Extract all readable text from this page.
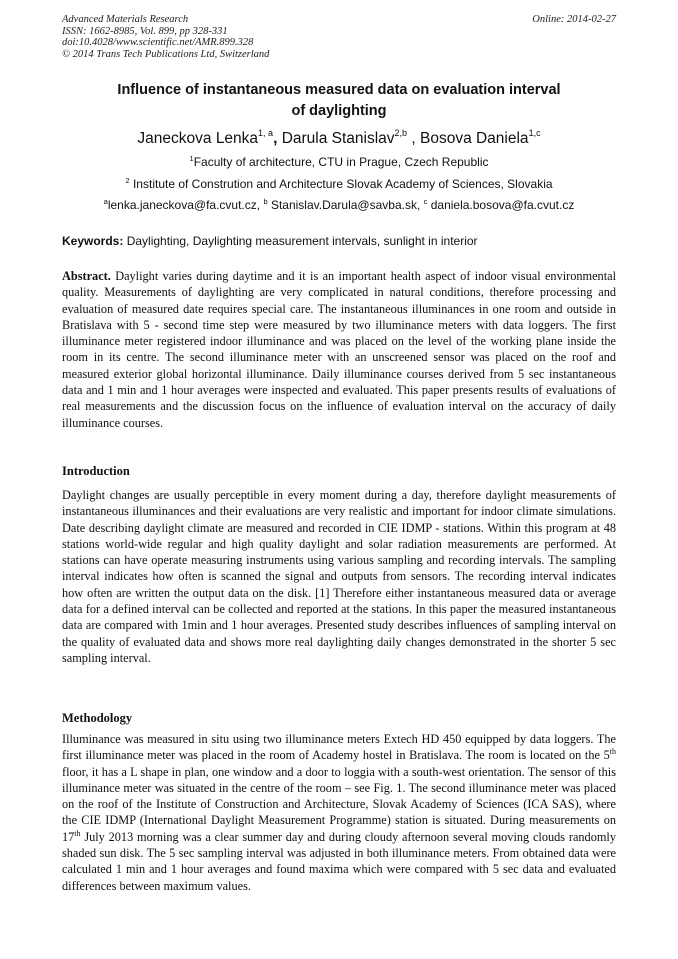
Advanced Materials Research
ISSN: 1662-8985, Vol. 899, pp 328-331
doi:10.4028/www.scientific.net/AMR.899.328
© 2014 Trans Tech Publications Ltd, Switzerland
Online: 2014-02-27
Influence of instantaneous measured data on evaluation interval
of daylighting
Janeckova Lenka$^{1, a}$, Darula Stanislav$^{2,b}$ , Bosova Daniela$^{1,c}$
$^1$Faculty of architecture, CTU in Prague, Czech Republic
$^2$ Institute of Constrution and Architecture Slovak Academy of Sciences, Slovakia
$^a$lenka.janeckova@fa.cvut.cz, $^b$ Stanislav.Darula@savba.sk, $^c$ daniela.bosova@fa.cvut.cz
Keywords: Daylighting, Daylighting measurement intervals, sunlight in interior
Abstract. Daylight varies during daytime and it is an important health aspect of indoor visual environmental quality. Measurements of daylighting are very complicated in natural conditions, therefore processing and evaluation of measured date requires special care. The instantaneous illuminances in one room and outside in Bratislava with 5 - second time step were measured by two illuminance meters with data loggers. The first illuminance meter registered indoor illuminance and was placed on the level of the working plane inside the room in its centre. The second illuminance meter with an unscreened sensor was placed on the roof and measured exterior global horizontal illuminance. Daily illuminance courses derived from 5 sec instantaneous data and 1 min and 1 hour averages were inspected and evaluated. This paper presents results of evaluations of real measurements and the discussion focus on the influence of evaluation interval on the accuracy of daily illuminance courses.
Introduction
Daylight changes are usually perceptible in every moment during a day, therefore daylight measurements of instantaneous illuminances and their evaluations are very realistic and important for indoor climate simulations. Date describing daylight climate are measured and recorded in CIE IDMP - stations. Within this program at 48 stations world-wide regular and high quality daylight and solar radiation measurements are performed. At stations can have operate measuring instruments using various sampling and recording intervals. The sampling interval indicates how often is scanned the signal and outputs from sensors. The recording interval indicates how often are written the output data on the disk. [1] Therefore either instantaneous measured data or average data for a defined interval can be collected and reported at the stations. In this paper the measured instantaneous data are compared with 1min and 1 hour averages. Presented study describes influences of sampling interval on the quality of evaluated data and shows more real daylighting daily changes demonstrated in the shorter 5 sec sampling interval.
Methodology
Illuminance was measured in situ using two illuminance meters Extech HD 450 equipped by data loggers. The first illuminance meter was placed in the room of Academy hostel in Bratislava. The room is located on the 5th floor, it has a L shape in plan, one window and a door to loggia with a south-west orientation. The sensor of this illuminance meter was situated in the centre of the room – see Fig. 1. The second illuminance meter was placed on the roof of the Institute of Construction and Architecture, Slovak Academy of Sciences (ICA SAS), where the CIE IDMP (International Daylight Measurement Programme) station is situated. During measurements on 17th July 2013 morning was a clear summer day and during cloudy afternoon several moving clouds randomly shaded sun disk. The 5 sec sampling interval was adjusted in both illuminance meters. From obtained data were calculated 1 min and 1 hour averages and found maxima which were compared with 5 sec data and evaluated differences between maximum values.
